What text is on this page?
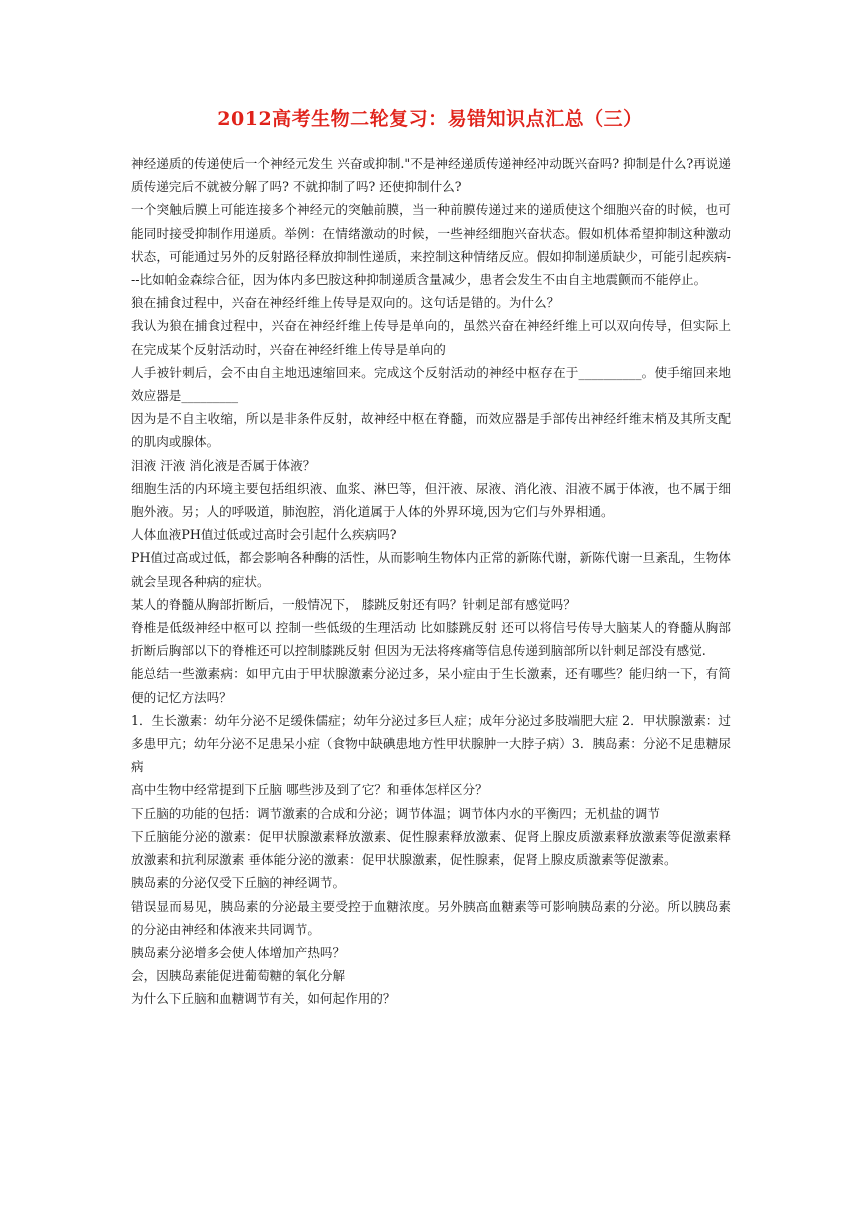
2012高考生物二轮复习：易错知识点汇总（三）

神经递质的传递使后一个神经元发生 兴奋或抑制."不是神经递质传递神经冲动既兴奋吗? 抑制是什么?再说递质传递完后不就被分解了吗? 不就抑制了吗? 还使抑制什么?

一个突触后膜上可能连接多个神经元的突触前膜，当一种前膜传递过来的递质使这个细胞兴奋的时候，也可能同时接受抑制作用递质。举例：在情绪激动的时候，一些神经细胞兴奋状态。假如机体希望抑制这种激动状态，可能通过另外的反射路径释放抑制性递质，来控制这种情绪反应。假如抑制递质缺少，可能引起疾病---比如帕金森综合征，因为体内多巴胺这种抑制递质含量减少，患者会发生不由自主地震颤而不能停止。

狼在捕食过程中，兴奋在神经纤维上传导是双向的。这句话是错的。为什么？

我认为狼在捕食过程中，兴奋在神经纤维上传导是单向的，虽然兴奋在神经纤维上可以双向传导，但实际上在完成某个反射活动时，兴奋在神经纤维上传导是单向的

人手被针刺后，会不由自主地迅速缩回来。完成这个反射活动的神经中枢存在于__________。使手缩回来地效应器是_________

因为是不自主收缩，所以是非条件反射，故神经中枢在脊髓，而效应器是手部传出神经纤维末梢及其所支配的肌肉或腺体。

泪液 汗液 消化液是否属于体液？

细胞生活的内环境主要包括组织液、血浆、淋巴等，但汗液、尿液、消化液、泪液不属于体液，也不属于细胞外液。另；人的呼吸道，肺泡腔，消化道属于人体的外界环境,因为它们与外界相通。

人体血液PH值过低或过高时会引起什么疾病吗?

PH值过高或过低，都会影响各种酶的活性，从而影响生物体内正常的新陈代谢，新陈代谢一旦紊乱，生物体就会呈现各种病的症状。

某人的脊髓从胸部折断后，一般情况下， 膝跳反射还有吗？针刺足部有感觉吗？

脊椎是低级神经中枢可以 控制一些低级的生理活动 比如膝跳反射 还可以将信号传导大脑某人的脊髓从胸部折断后胸部以下的脊椎还可以控制膝跳反射 但因为无法将疼痛等信息传递到脑部所以针刺足部没有感觉.

能总结一些激素病：如甲亢由于甲状腺激素分泌过多，呆小症由于生长激素，还有哪些？能归纳一下，有简便的记忆方法吗？

1．生长激素：幼年分泌不足缓侏儒症；幼年分泌过多巨人症；成年分泌过多肢端肥大症 2．甲状腺激素：过多患甲亢；幼年分泌不足患呆小症（食物中缺碘患地方性甲状腺肿一大脖子病）3．胰岛素：分泌不足患糖尿病

高中生物中经常提到下丘脑 哪些涉及到了它？和垂体怎样区分？

下丘脑的功能的包括：调节激素的合成和分泌；调节体温；调节体内水的平衡四；无机盐的调节

下丘脑能分泌的激素：促甲状腺激素释放激素、促性腺素释放激素、促肾上腺皮质激素释放激素等促激素释放激素和抗利尿激素 垂体能分泌的激素：促甲状腺激素，促性腺素，促肾上腺皮质激素等促激素。

胰岛素的分泌仅受下丘脑的神经调节。

错误显而易见，胰岛素的分泌最主要受控于血糖浓度。另外胰高血糖素等可影响胰岛素的分泌。所以胰岛素的分泌由神经和体液来共同调节。

胰岛素分泌增多会使人体增加产热吗？

会，因胰岛素能促进葡萄糖的氧化分解

为什么下丘脑和血糖调节有关，如何起作用的？
